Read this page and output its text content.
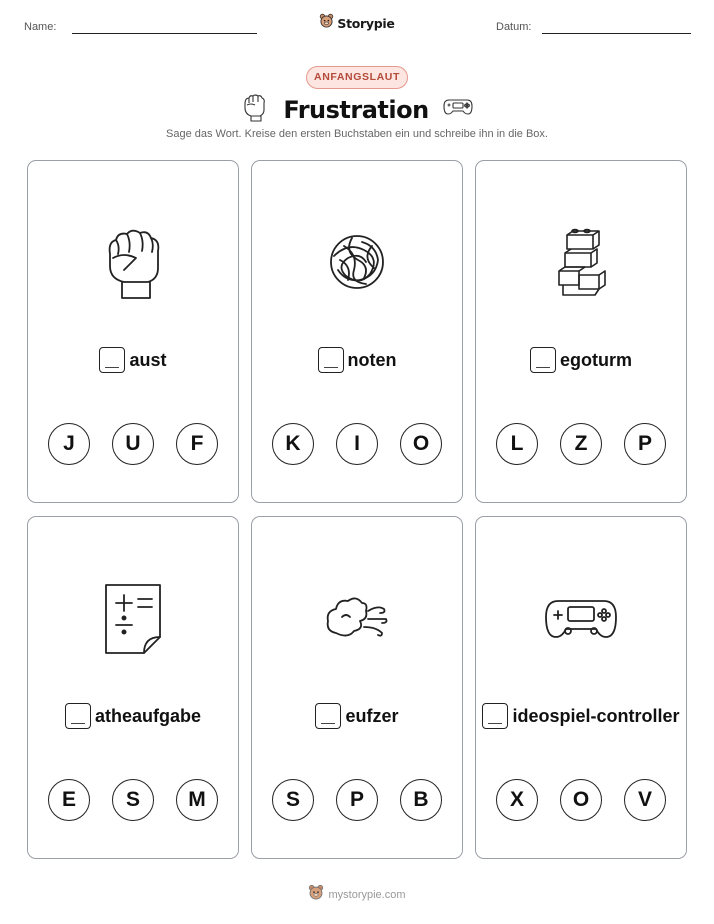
Name:	Datum:
Storypie
ANFANGSLAUT
Frustration
Sage das Wort. Kreise den ersten Buchstaben ein und schreibe ihn in die Box.
aust
J	U	F
noten
K	I	O
egoturm
L	Z	P
atheaufgabe
E	S	M
eufzer
S	P	B
ideospiel-controller
X	O	V
mystorypie.com
